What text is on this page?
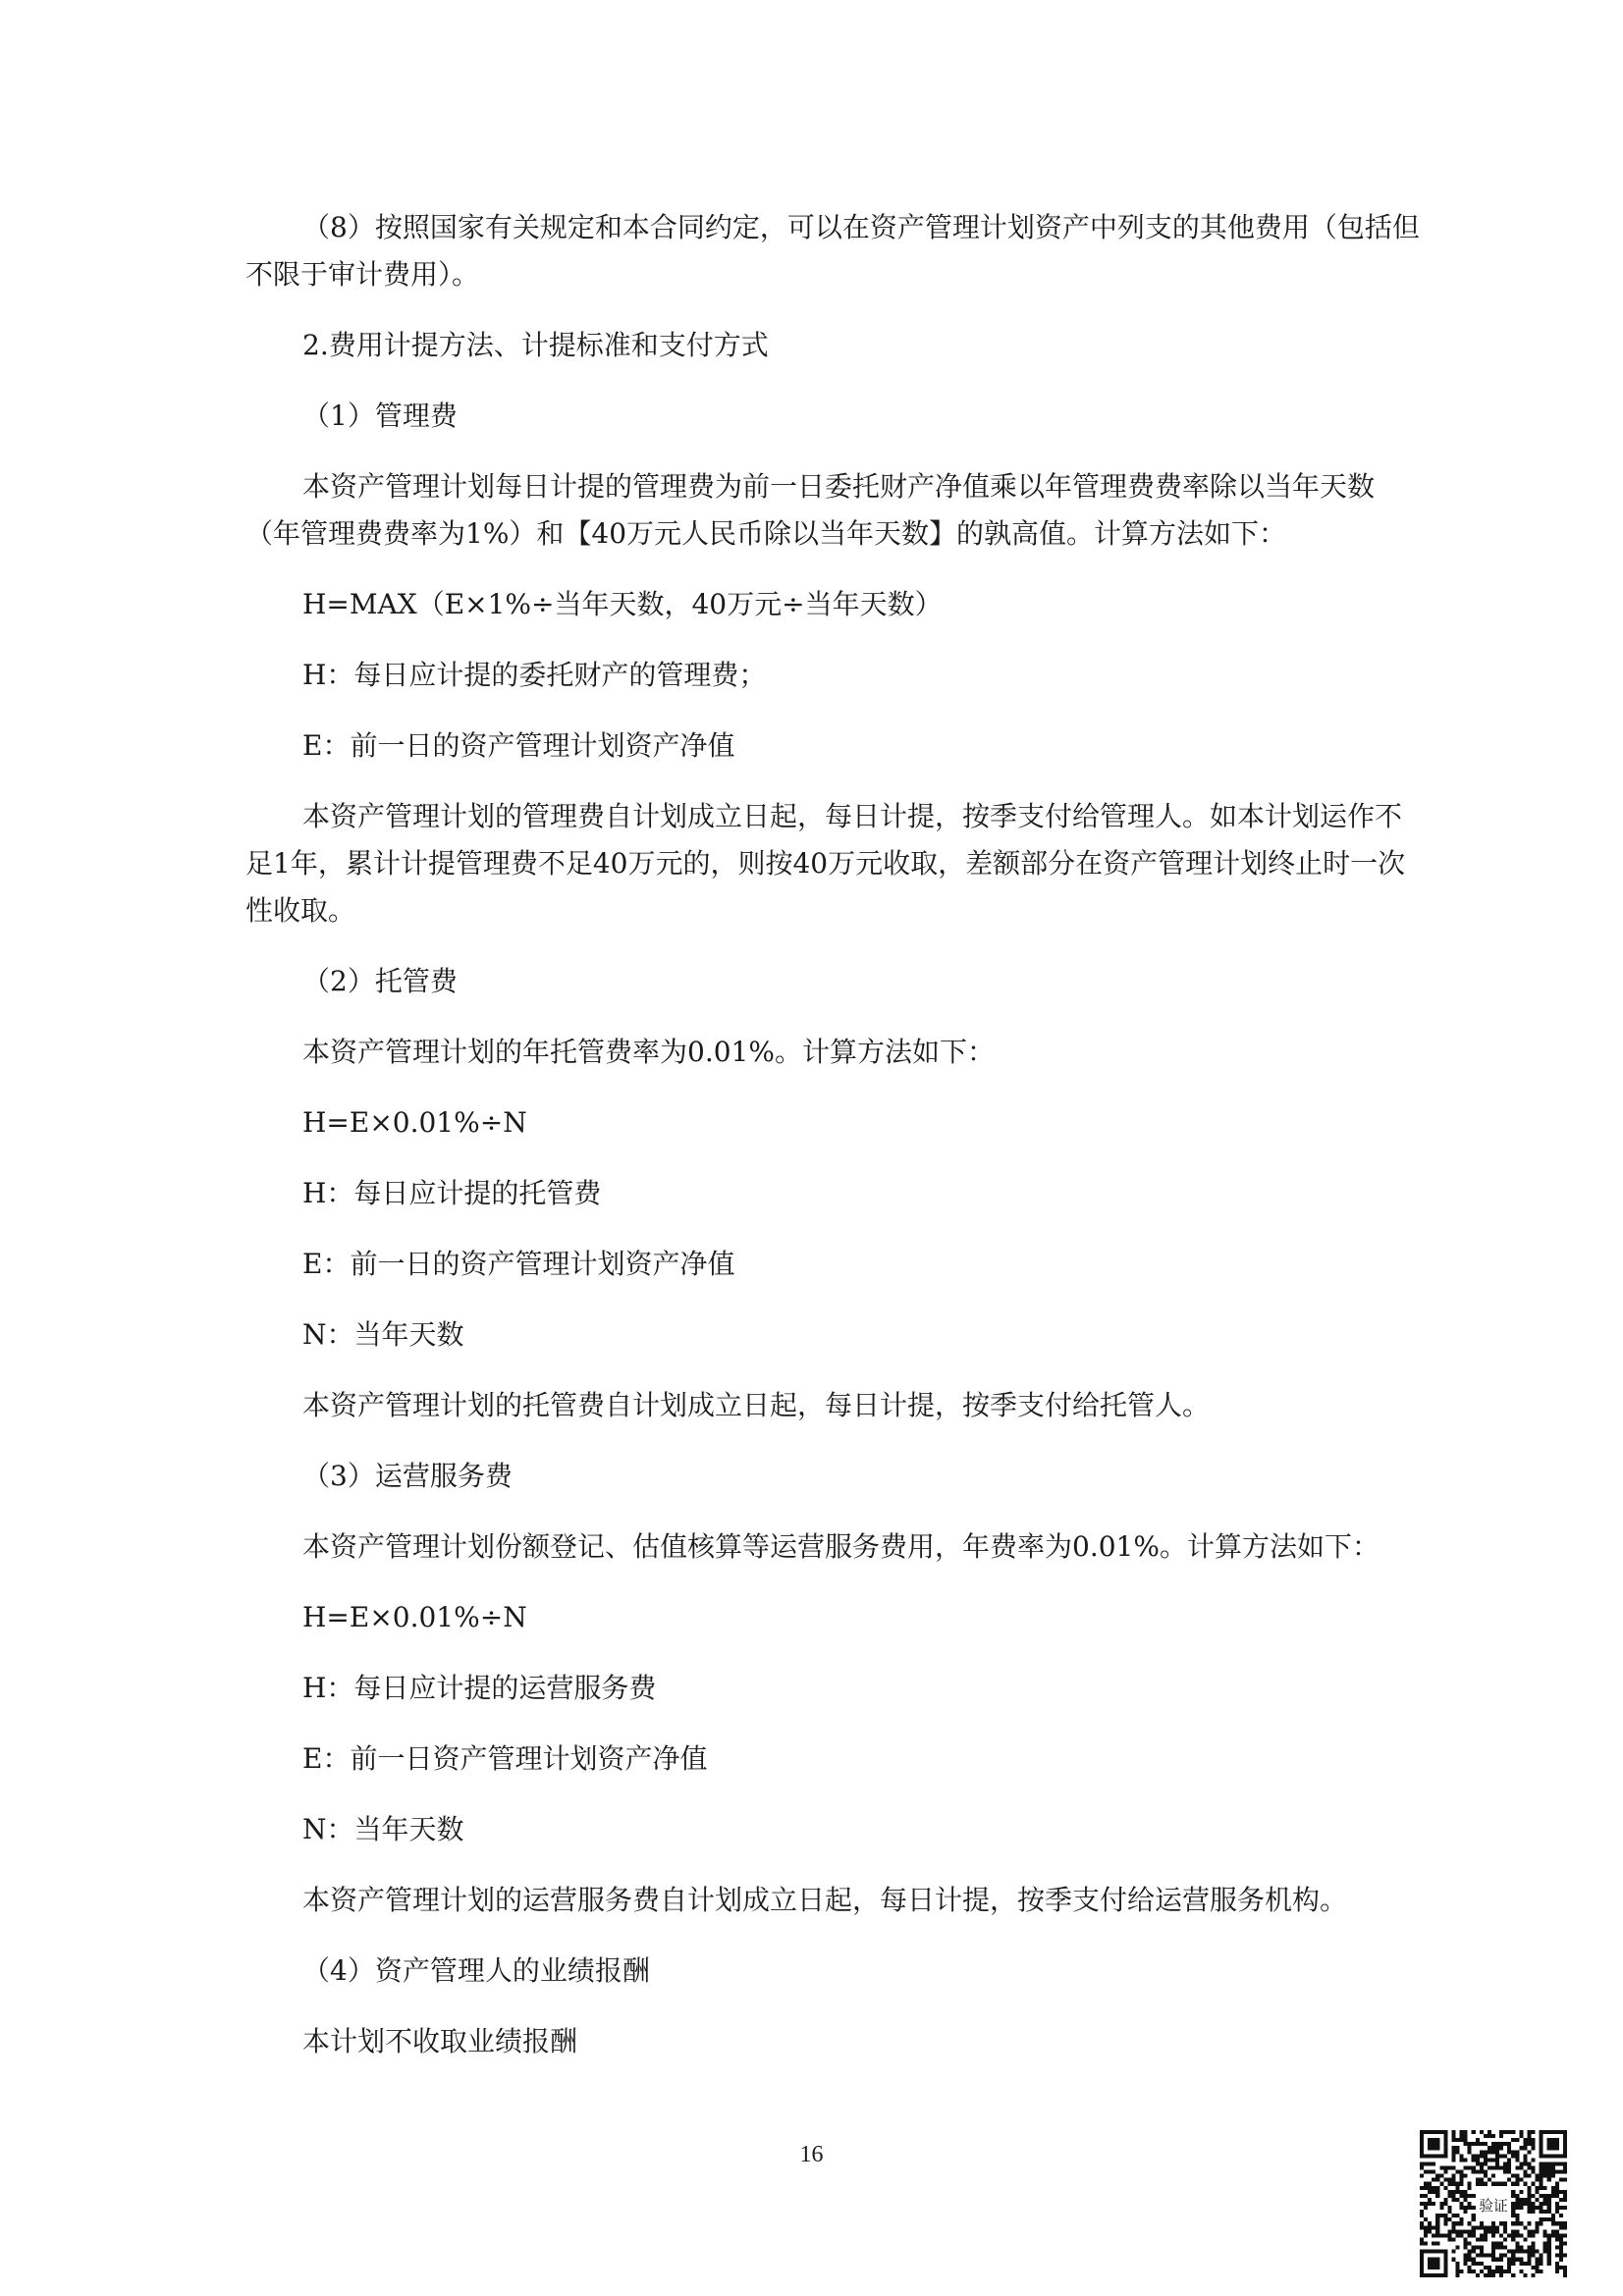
（8）按照国家有关规定和本合同约定，可以在资产管理计划资产中列支的其他费用（包括但不限于审计费用）。

2.费用计提方法、计提标准和支付方式

（1）管理费

本资产管理计划每日计提的管理费为前一日委托财产净值乘以年管理费费率除以当年天数（年管理费费率为1%）和【40万元人民币除以当年天数】的孰高值。计算方法如下：

H=MAX（E×1%÷当年天数，40万元÷当年天数）

H：每日应计提的委托财产的管理费；

E：前一日的资产管理计划资产净值

本资产管理计划的管理费自计划成立日起，每日计提，按季支付给管理人。如本计划运作不足1年，累计计提管理费不足40万元的，则按40万元收取，差额部分在资产管理计划终止时一次性收取。

（2）托管费

本资产管理计划的年托管费率为0.01%。计算方法如下：

H=E×0.01%÷N

H：每日应计提的托管费

E：前一日的资产管理计划资产净值

N：当年天数

本资产管理计划的托管费自计划成立日起，每日计提，按季支付给托管人。

（3）运营服务费

本资产管理计划份额登记、估值核算等运营服务费用，年费率为0.01%。计算方法如下：

H=E×0.01%÷N

H：每日应计提的运营服务费

E：前一日资产管理计划资产净值

N：当年天数

本资产管理计划的运营服务费自计划成立日起，每日计提，按季支付给运营服务机构。

（4）资产管理人的业绩报酬

本计划不收取业绩报酬

16
验证
